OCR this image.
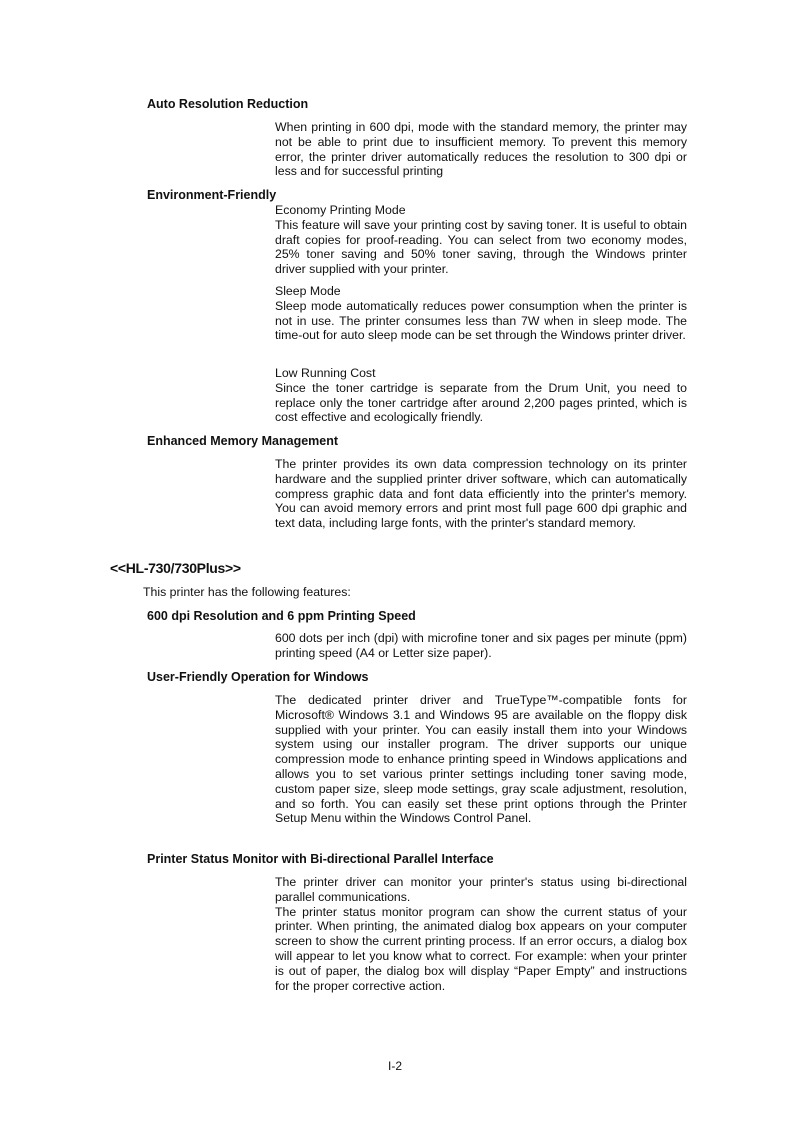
Auto Resolution Reduction

When printing in 600 dpi, mode with the standard memory, the printer may not be able to print due to insufficient memory. To prevent this memory error, the printer driver automatically reduces the resolution to 300 dpi or less and for successful printing

Environment-Friendly

Economy Printing Mode

This feature will save your printing cost by saving toner. It is useful to obtain draft copies for proof-reading. You can select from two economy modes, 25% toner saving and 50% toner saving, through the Windows printer driver supplied with your printer.

Sleep Mode

Sleep mode automatically reduces power consumption when the printer is not in use. The printer consumes less than 7W when in sleep mode. The time-out for auto sleep mode can be set through the Windows printer driver.

Low Running Cost

Since the toner cartridge is separate from the Drum Unit, you need to replace only the toner cartridge after around 2,200 pages printed, which is cost effective and ecologically friendly.

Enhanced Memory Management

The printer provides its own data compression technology on its printer hardware and the supplied printer driver software, which can automatically compress graphic data and font data efficiently into the printer's memory. You can avoid memory errors and print most full page 600 dpi graphic and text data, including large fonts, with the printer's standard memory.

<<HL-730/730Plus>>
This printer has the following features:
600 dpi Resolution and 6 ppm Printing Speed

600 dots per inch (dpi) with microfine toner and six pages per minute (ppm) printing speed (A4 or Letter size paper).

User-Friendly Operation for Windows

The dedicated printer driver and TrueType™-compatible fonts for Microsoft® Windows 3.1 and Windows 95 are available on the floppy disk supplied with your printer. You can easily install them into your Windows system using our installer program. The driver supports our unique compression mode to enhance printing speed in Windows applications and allows you to set various printer settings including toner saving mode, custom paper size, sleep mode settings, gray scale adjustment, resolution, and so forth. You can easily set these print options through the Printer Setup Menu within the Windows Control Panel.

Printer Status Monitor with Bi-directional Parallel Interface

The printer driver can monitor your printer's status using bi-directional parallel communications.

The printer status monitor program can show the current status of your printer. When printing, the animated dialog box appears on your computer screen to show the current printing process. If an error occurs, a dialog box will appear to let you know what to correct. For example: when your printer is out of paper, the dialog box will display “Paper Empty” and instructions for the proper corrective action.

I-2
